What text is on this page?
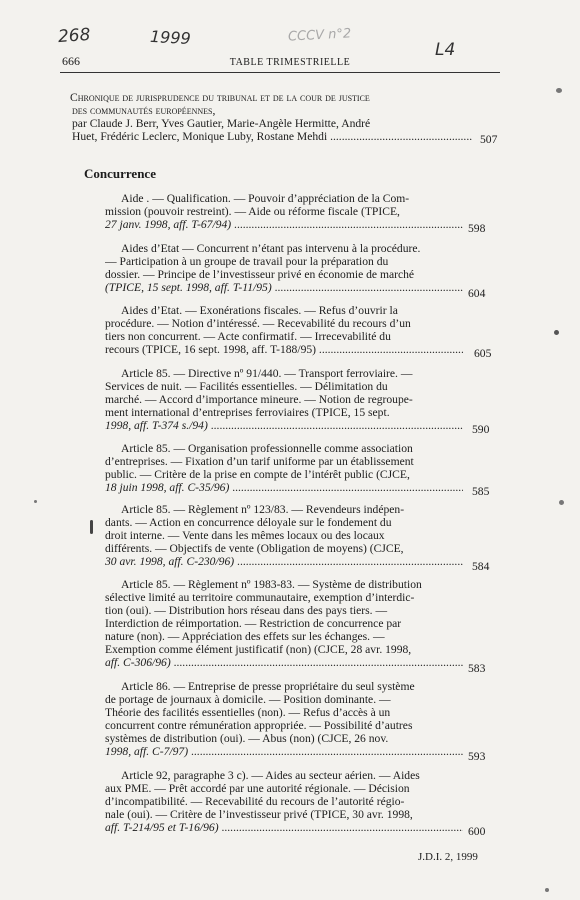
268	1999	CCCV n°2
L4
666	TABLE TRIMESTRIELLE
Chronique de jurisprudence du tribunal et de la cour de justice
des communautés européennes,
par Claude J. Berr, Yves Gautier, Marie-Angèle Hermitte, André
Huet, Frédéric Leclerc, Monique Luby, Rostane Mehdi .....	507
Concurrence
Aide . — Qualification. — Pouvoir d’appréciation de la Com-
mission (pouvoir restreint). — Aide ou réforme fiscale (TPICE,
27 janv. 1998, aff. T-67/94) .....	598
Aides d’Etat — Concurrent n’étant pas intervenu à la procédure.
— Participation à un groupe de travail pour la préparation du
dossier. — Principe de l’investisseur privé en économie de marché
(TPICE, 15 sept. 1998, aff. T-11/95) .....	604
Aides d’Etat. — Exonérations fiscales. — Refus d’ouvrir la
procédure. — Notion d’intéressé. — Recevabilité du recours d’un
tiers non concurrent. — Acte confirmatif. — Irrecevabilité du
recours (TPICE, 16 sept. 1998, aff. T-188/95) .....	605
Article 85. — Directive nº 91/440. — Transport ferroviaire. —
Services de nuit. — Facilités essentielles. — Délimitation du
marché. — Accord d’importance mineure. — Notion de regroupe-
ment international d’entreprises ferroviaires (TPICE, 15 sept.
1998, aff. T-374 s./94) .....	590
Article 85. — Organisation professionnelle comme association
d’entreprises. — Fixation d’un tarif uniforme par un établissement
public. — Critère de la prise en compte de l’intérêt public (CJCE,
18 juin 1998, aff. C-35/96) .....	585
Article 85. — Règlement nº 123/83. — Revendeurs indépen-
dants. — Action en concurrence déloyale sur le fondement du
droit interne. — Vente dans les mêmes locaux ou des locaux
différents. — Objectifs de vente (Obligation de moyens) (CJCE,
30 avr. 1998, aff. C-230/96) .....	584
Article 85. — Règlement nº 1983-83. — Système de distribution
sélective limité au territoire communautaire, exemption d’interdic-
tion (oui). — Distribution hors réseau dans des pays tiers. —
Interdiction de réimportation. — Restriction de concurrence par
nature (non). — Appréciation des effets sur les échanges. —
Exemption comme élément justificatif (non) (CJCE, 28 avr. 1998,
aff. C-306/96) .....	583
Article 86. — Entreprise de presse propriétaire du seul système
de portage de journaux à domicile. — Position dominante. —
Théorie des facilités essentielles (non). — Refus d’accès à un
concurrent contre rémunération appropriée. — Possibilité d’autres
systèmes de distribution (oui). — Abus (non) (CJCE, 26 nov.
1998, aff. C-7/97) .....	593
Article 92, paragraphe 3 c). — Aides au secteur aérien. — Aides
aux PME. — Prêt accordé par une autorité régionale. — Décision
d’incompatibilité. — Recevabilité du recours de l’autorité régio-
nale (oui). — Critère de l’investisseur privé (TPICE, 30 avr. 1998,
aff. T-214/95 et T-16/96) .....	600
J.D.I. 2, 1999
